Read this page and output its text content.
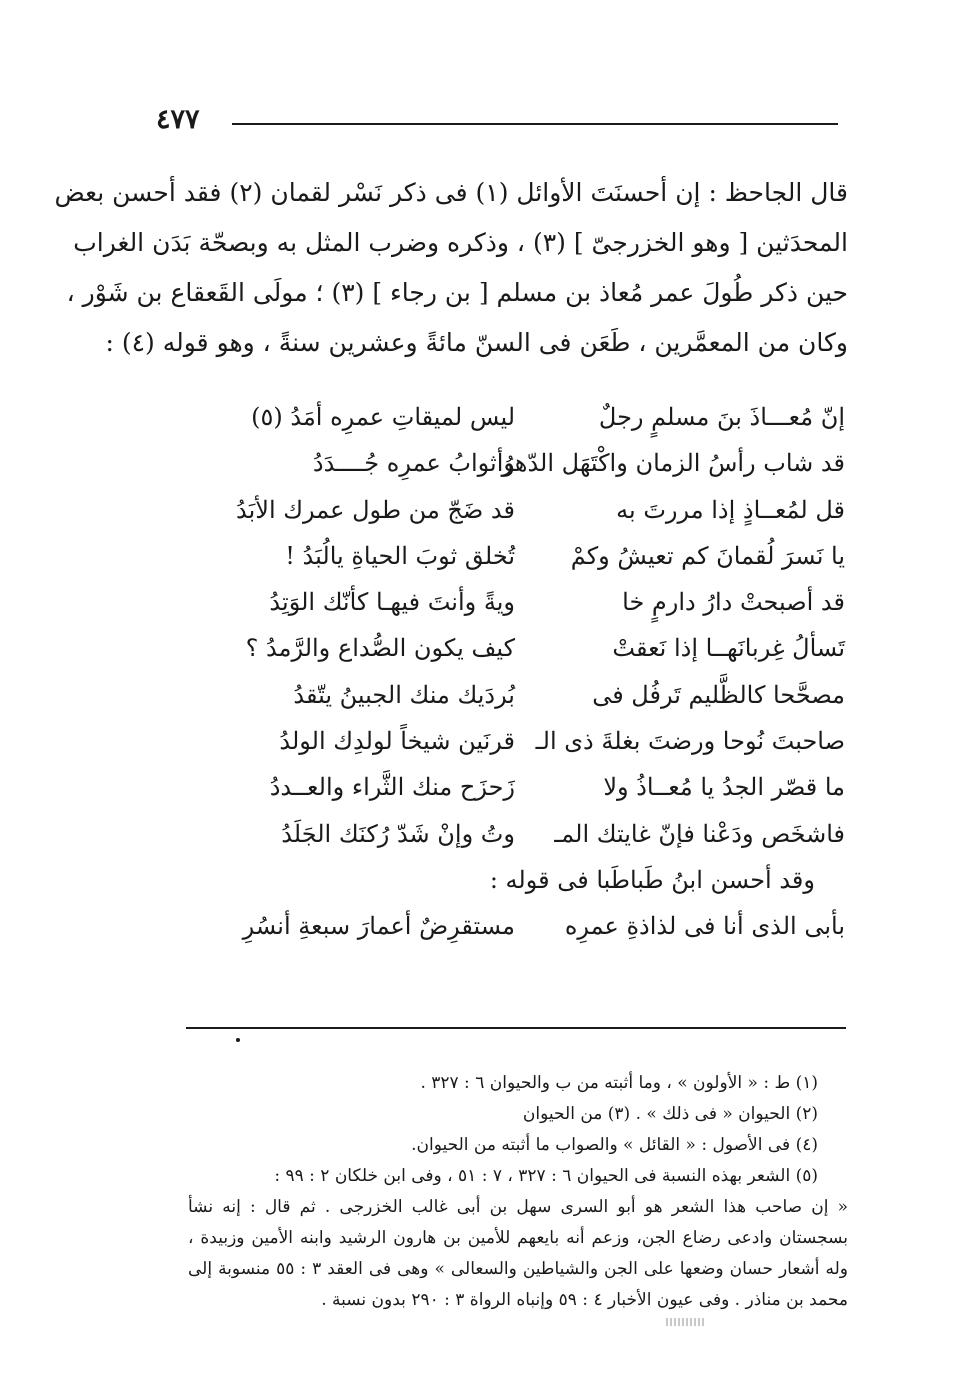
٤٧٧
قال الجاحظ : إن أحسنَتَ الأوائل (١) فى ذكر نَسْر لقمان (٢) فقد أحسن بعض
المحدَثين [ وهو الخزرجىّ ] (٣) ، وذكره وضرب المثل به وبصحّة بَدَن الغراب
حين ذكر طُولَ عمر مُعاذ بن مسلم [ بن رجاء ] (٣) ؛ مولَى القَعقاع بن شَوْر ،
وكان من المعمَّرين ، طَعَن فى السنّ مائةً وعشرين سنةً ، وهو قوله (٤) :
إنّ مُعـــاذَ بنَ مسلمٍ رجلٌ
ليس لميقاتِ عمرِه أمَدُ (٥)
قد شاب رأسُ الزمان واكْتَهَل الدّهرُ
وأثوابُ عمرِه جُــــدَدُ
قل لمُعــاذٍ إذا مررتَ به
قد ضَجّ من طول عمرك الأبَدُ
يا نَسرَ لُقمانَ كم تعيشُ وكمْ
تُخلق ثوبَ الحياةِ يالُبَدُ !
قد أصبحتْ دارُ دارمٍ خا
ويةً وأنتَ فيهـا كأنّك الوَتِدُ
تَسألُ غِربانَهــا إذا نَعقتْ
كيف يكون الصُّداع والرَّمدُ ؟
مصحَّحا كالظَّليم تَرفُل فى
بُردَيك منك الجبينُ يتّقدُ
صاحبتَ نُوحا ورضتَ بغلةَ ذى الـ
قرنَين شيخاً لولدِك الولدُ
ما قصّر الجدُ يا مُعــاذُ ولا
زَحزَح منك الثَّراء والعــددُ
فاشخَص ودَعْنا فإنّ غايتك المـ
وتُ وإنْ شَدّ رُكنَك الجَلَدُ
وقد أحسن ابنُ طَباطَبا فى قوله :
بأبى الذى أنا فى لذاذةِ عمرِه
مستقرِضٌ أعمارَ سبعةِ أنسُرِ
(١) ط : « الأولون » ، وما أثبته من ب والحيوان ٦ : ٣٢٧ .
(٢) الحيوان « فى ذلك » . (٣) من الحيوان
(٤) فى الأصول : « القائل » والصواب ما أثبته من الحيوان.
(٥) الشعر بهذه النسبة فى الحيوان ٦ : ٣٢٧ ، ٧ : ٥١ ، وفى ابن خلكان ٢ : ٩٩ :
« إن صاحب هذا الشعر هو أبو السرى سهل بن أبى غالب الخزرجى . ثم قال : إنه نشأ
بسجستان وادعى رضاع الجن، وزعم أنه بايعهم للأمين بن هارون الرشيد وابنه الأمين وزبيدة ،
وله أشعار حسان وضعها على الجن والشياطين والسعالى » وهى فى العقد ٣ : ٥٥ منسوبة إلى
محمد بن مناذر . وفى عيون الأخبار ٤ : ٥٩ وإنباه الرواة ٣ : ٢٩٠ بدون نسبة .
